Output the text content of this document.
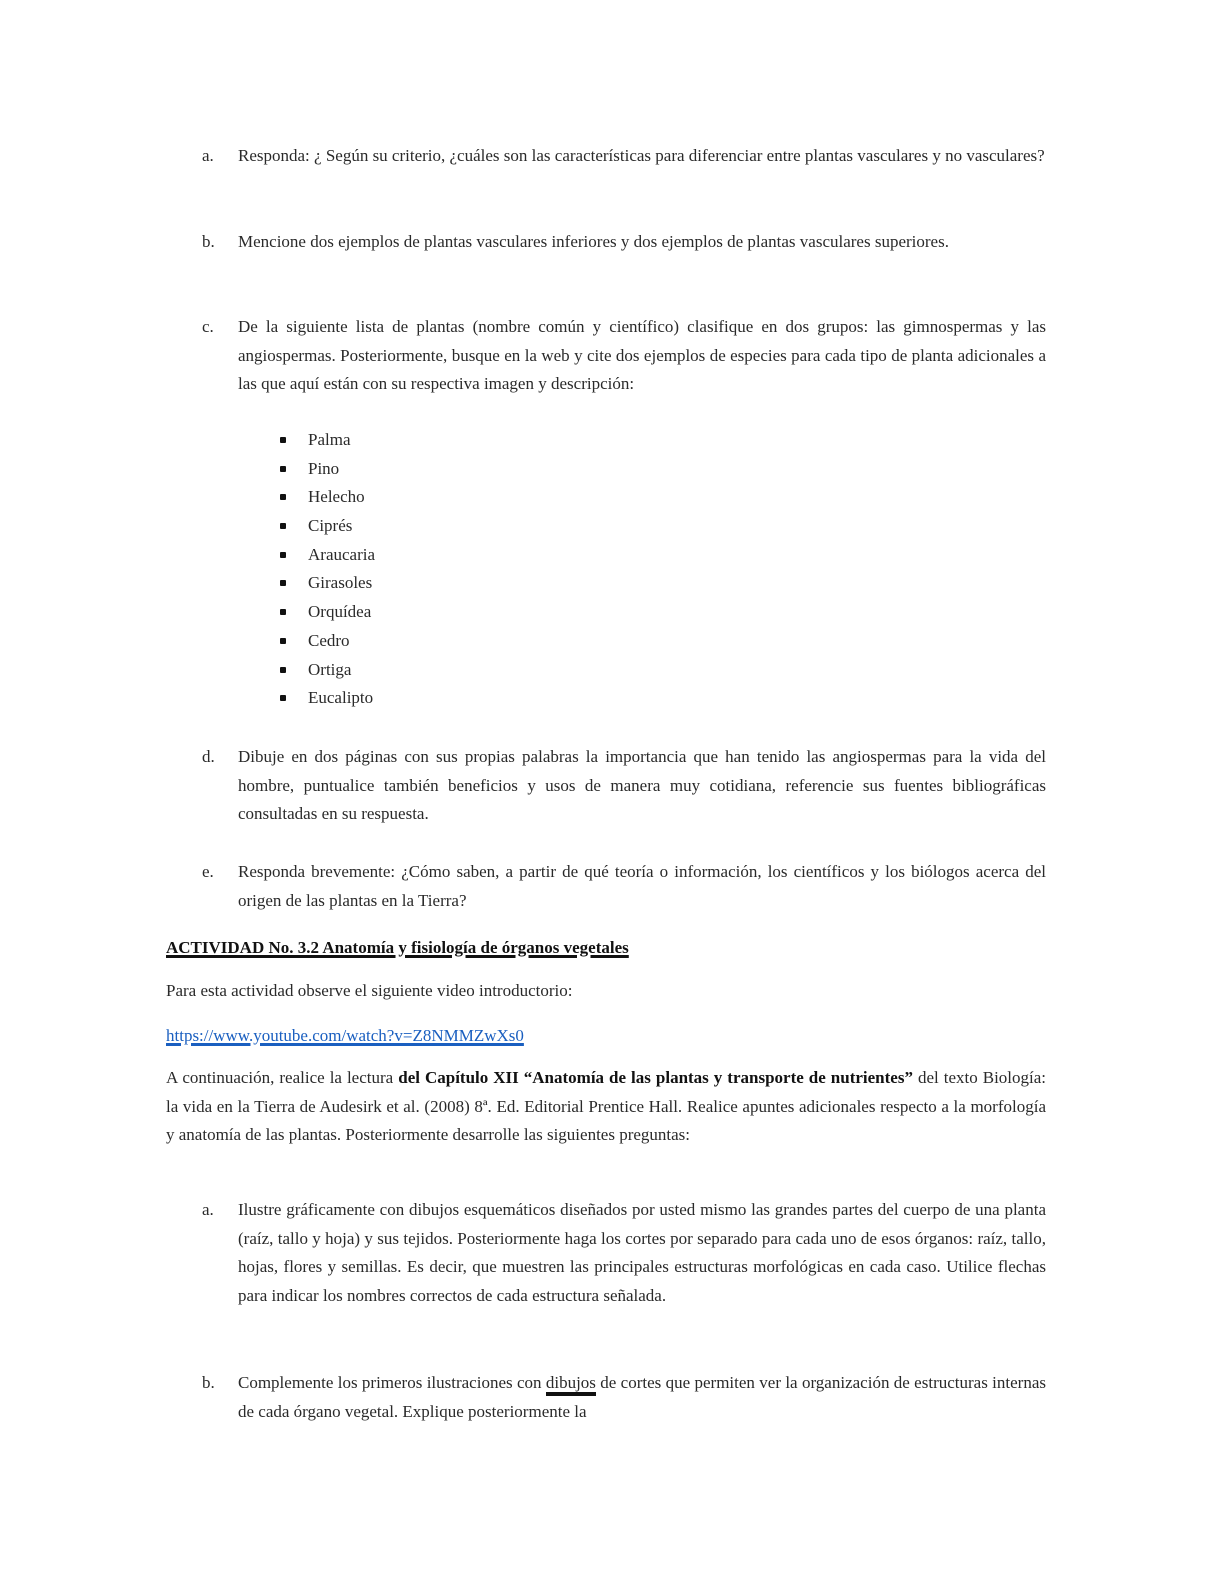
a. Responda: ¿ Según su criterio, ¿cuáles son las características para diferenciar entre plantas vasculares y no vasculares?

b. Mencione dos ejemplos de plantas vasculares inferiores y dos ejemplos de plantas vasculares superiores.

c. De la siguiente lista de plantas (nombre común y científico) clasifique en dos grupos: las gimnospermas y las angiospermas. Posteriormente, busque en la web y cite dos ejemplos de especies para cada tipo de planta adicionales a las que aquí están con su respectiva imagen y descripción:

Palma
Pino
Helecho
Ciprés
Araucaria
Girasoles
Orquídea
Cedro
Ortiga
Eucalipto
d. Dibuje en dos páginas con sus propias palabras la importancia que han tenido las angiospermas para la vida del hombre, puntualice también beneficios y usos de manera muy cotidiana, referencie sus fuentes bibliográficas consultadas en su respuesta.

e. Responda brevemente: ¿Cómo saben, a partir de qué teoría o información, los científicos y los biólogos acerca del origen de las plantas en la Tierra?

ACTIVIDAD No. 3.2 Anatomía y fisiología de órganos vegetales

Para esta actividad observe el siguiente video introductorio:

https://www.youtube.com/watch?v=Z8NMMZwXs0

A continuación, realice la lectura del Capítulo XII “Anatomía de las plantas y transporte de nutrientes” del texto Biología: la vida en la Tierra de Audesirk et al. (2008) 8ª. Ed. Editorial Prentice Hall. Realice apuntes adicionales respecto a la morfología y anatomía de las plantas. Posteriormente desarrolle las siguientes preguntas:

a. Ilustre gráficamente con dibujos esquemáticos diseñados por usted mismo las grandes partes del cuerpo de una planta (raíz, tallo y hoja) y sus tejidos. Posteriormente haga los cortes por separado para cada uno de esos órganos: raíz, tallo, hojas, flores y semillas. Es decir, que muestren las principales estructuras morfológicas en cada caso. Utilice flechas para indicar los nombres correctos de cada estructura señalada.

b. Complemente los primeros ilustraciones con dibujos de cortes que permiten ver la organización de estructuras internas de cada órgano vegetal. Explique posteriormente la
